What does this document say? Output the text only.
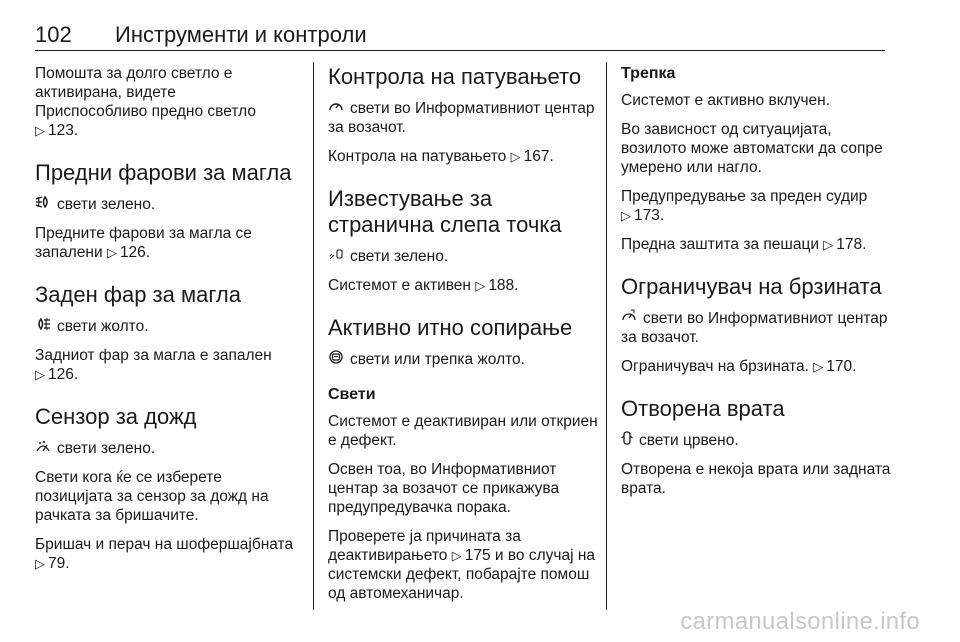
102 Инструменти и контроли

Помошта за долго светло е активирана, видете
Приспособливо предно светло
▷ 123.

Предни фарови за магла

свети зелено.

Предните фарови за магла се запалени ▷ 126.

Заден фар за магла

свети жолто.

Задниот фар за магла е запален
▷ 126.

Сензор за дожд

свети зелено.

Свети кога ќе се изберете позицијата за сензор за дожд на рачката за бришачите.

Бришач и перач на шофершајбната ▷ 79.

Контрола на патувањето

свети во Информативниот центар за возачот.

Контрола на патувањето ▷ 167.

Известување за странична слепа точка

свети зелено.

Системот е активен ▷ 188.

Активно итно сопирање

свети или трепка жолто.

Свети

Системот е деактивиран или откриен е дефект.

Освен тоа, во Информативниот центар за возачот се прикажува предупредувачка порака.

Проверете ја причината за деактивирањето ▷ 175 и во случај на системски дефект, побарајте помош од автомеханичар.

Трепка

Системот е активно вклучен.

Во зависност од ситуацијата, возилото може автоматски да сопре умерено или нагло.

Предупредување за преден судир
▷ 173.

Предна заштита за пешаци ▷ 178.

Ограничувач на брзината

свети во Информативниот центар за возачот.

Ограничувач на брзината. ▷ 170.

Отворена врата

свети црвено.

Отворена е некоја врата или задната врата.

carmanualsonline.info
